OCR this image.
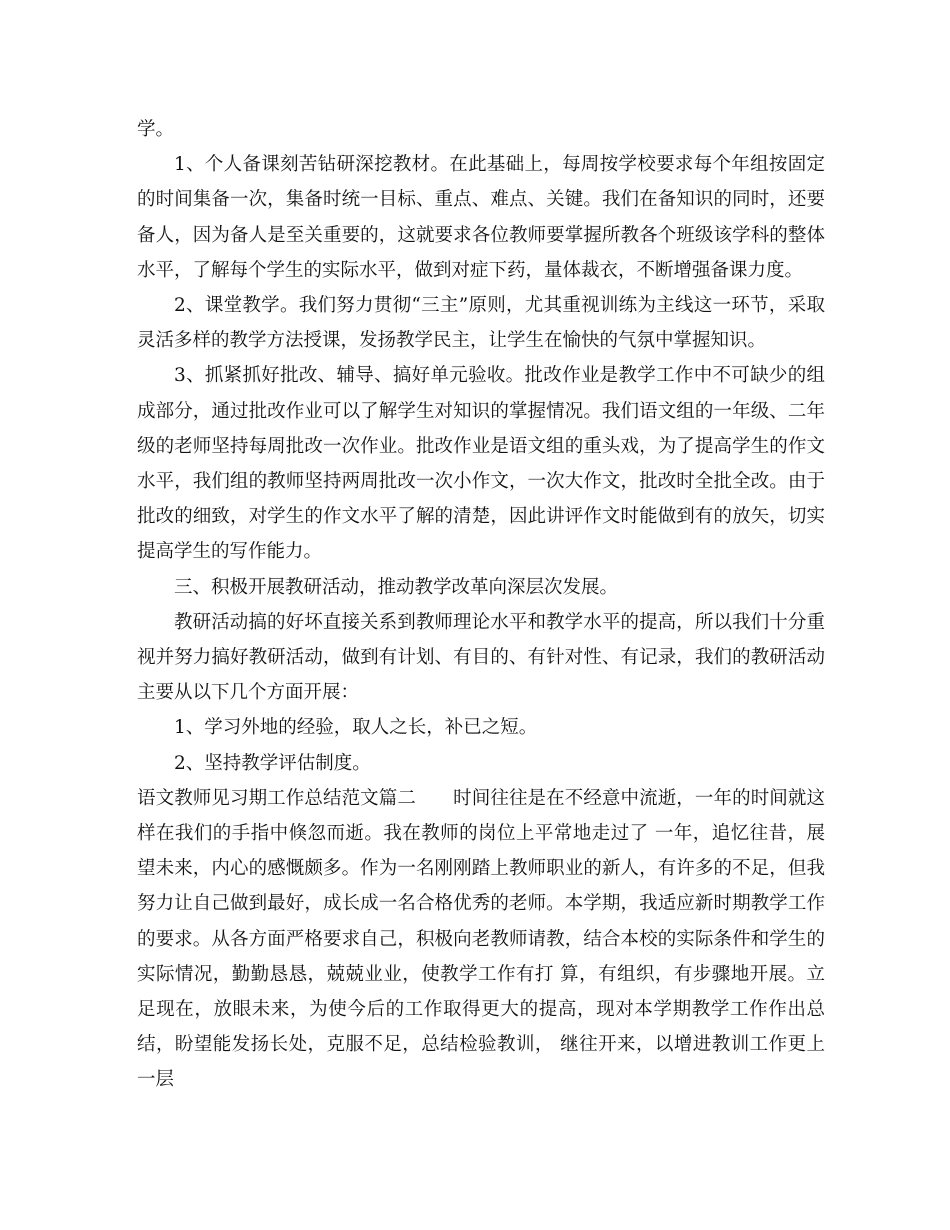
学。

1、个人备课刻苦钻研深挖教材。在此基础上，每周按学校要求每个年组按固定的时间集备一次，集备时统一目标、重点、难点、关键。我们在备知识的同时，还要备人，因为备人是至关重要的，这就要求各位教师要掌握所教各个班级该学科的整体水平，了解每个学生的实际水平，做到对症下药，量体裁衣，不断增强备课力度。

2、课堂教学。我们努力贯彻“三主”原则，尤其重视训练为主线这一环节，采取灵活多样的教学方法授课，发扬教学民主，让学生在愉快的气氛中掌握知识。

3、抓紧抓好批改、辅导、搞好单元验收。批改作业是教学工作中不可缺少的组成部分，通过批改作业可以了解学生对知识的掌握情况。我们语文组的一年级、二年级的老师坚持每周批改一次作业。批改作业是语文组的重头戏，为了提高学生的作文水平，我们组的教师坚持两周批改一次小作文，一次大作文，批改时全批全改。由于批改的细致，对学生的作文水平了解的清楚，因此讲评作文时能做到有的放矢，切实提高学生的写作能力。

三、积极开展教研活动，推动教学改革向深层次发展。

教研活动搞的好坏直接关系到教师理论水平和教学水平的提高，所以我们十分重视并努力搞好教研活动，做到有计划、有目的、有针对性、有记录，我们的教研活动主要从以下几个方面开展：

1、学习外地的经验，取人之长，补已之短。

2、坚持教学评估制度。

语文教师见习期工作总结范文篇二　　时间往往是在不经意中流逝，一年的时间就这样在我们的手指中倏忽而逝。我在教师的岗位上平常地走过了 一年，追忆往昔，展望未来，内心的感慨颇多。作为一名刚刚踏上教师职业的新人，有许多的不足，但我努力让自己做到最好，成长成一名合格优秀的老师。本学期，我适应新时期教学工作的要求。从各方面严格要求自己，积极向老教师请教，结合本校的实际条件和学生的实际情况，勤勤恳恳，兢兢业业，使教学工作有打 算，有组织，有步骤地开展。立足现在，放眼未来，为使今后的工作取得更大的提高，现对本学期教学工作作出总结，盼望能发扬长处，克服不足，总结检验教训， 继往开来，以增进教训工作更上一层
